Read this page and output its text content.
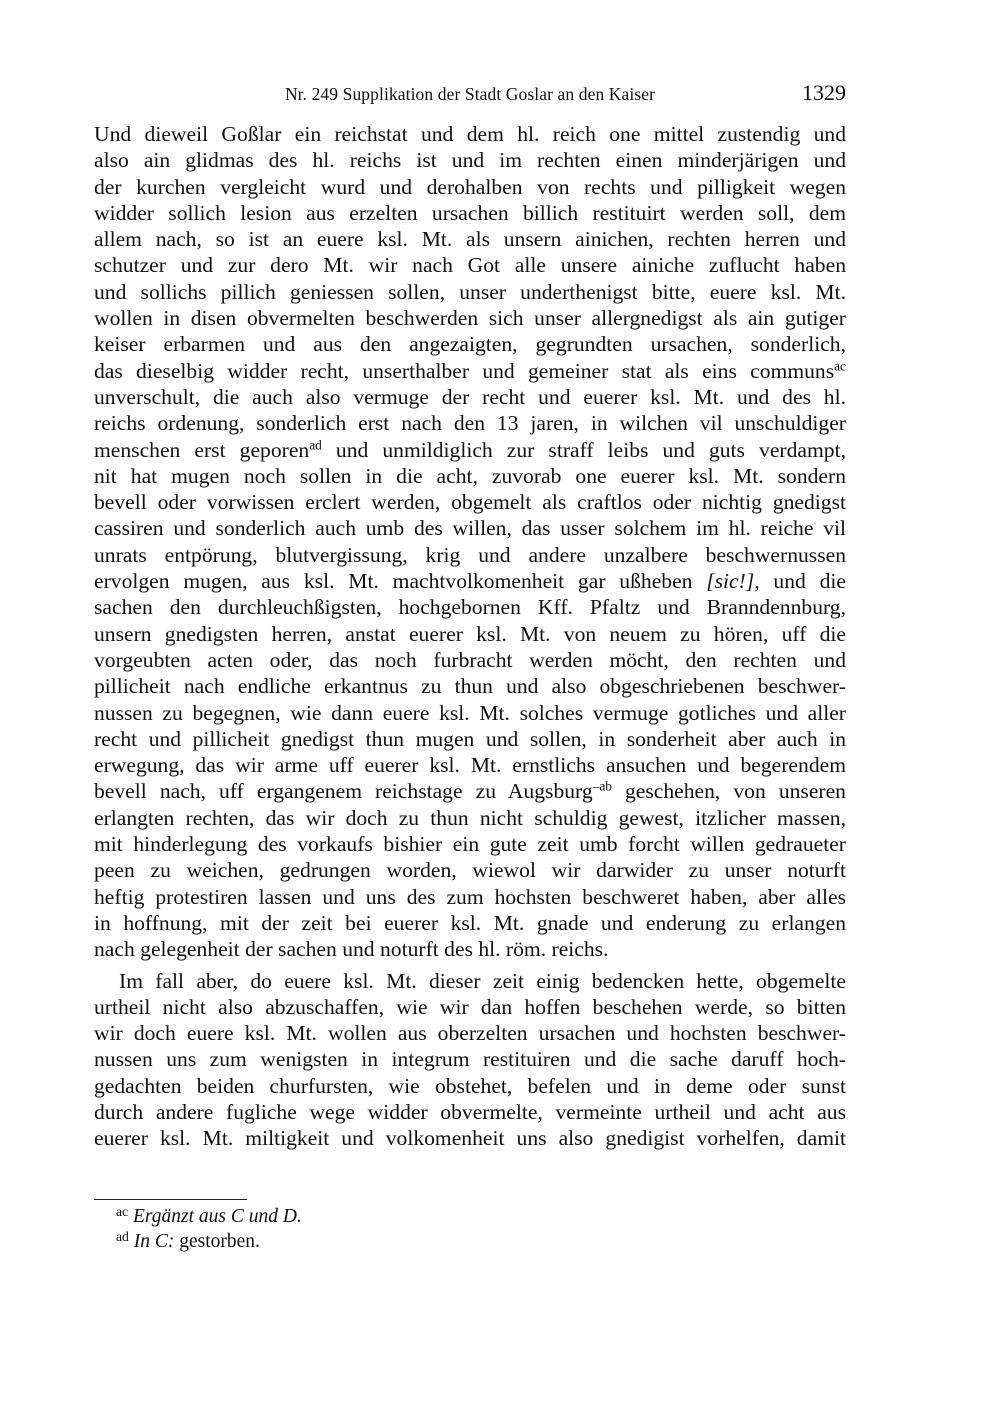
Nr. 249 Supplikation der Stadt Goslar an den Kaiser	1329
Und dieweil Goßlar ein reichstat und dem hl. reich one mittel zustendig und
also ain glidmas des hl. reichs ist und im rechten einen minderjärigen und
der kurchen vergleicht wurd und derohalben von rechts und pilligkeit wegen
widder sollich lesion aus erzelten ursachen billich restituirt werden soll, dem
allem nach, so ist an euere ksl. Mt. als unsern ainichen, rechten herren und
schutzer und zur dero Mt. wir nach Got alle unsere ainiche zuflucht haben
und sollichs pillich geniessen sollen, unser underthenigst bitte, euere ksl. Mt.
wollen in disen obvermelten beschwerden sich unser allergnedigst als ain gutiger
keiser erbarmen und aus den angezaigten, gegrundten ursachen, sonderlich,
das dieselbig widder recht, unserthalber und gemeiner stat als eins communs$^{ac}$
unverschult, die auch also vermuge der recht und euerer ksl. Mt. und des hl.
reichs ordenung, sonderlich erst nach den 13 jaren, in wilchen vil unschuldiger
menschen erst geporen$^{ad}$ und unmildiglich zur straff leibs und guts verdampt,
nit hat mugen noch sollen in die acht, zuvorab one euerer ksl. Mt. sondern
bevell oder vorwissen erclert werden, obgemelt als craftlos oder nichtig gnedigst
cassiren und sonderlich auch umb des willen, das usser solchem im hl. reiche vil
unrats entpörung, blutvergissung, krig und andere unzalbere beschwernussen
ervolgen mugen, aus ksl. Mt. machtvolkomenheit gar ußheben [sic!], und die
sachen den durchleuchßigsten, hochgebornen Kff. Pfaltz und Branndennburg,
unsern gnedigsten herren, anstat euerer ksl. Mt. von neuem zu hören, uff die
vorgeubten acten oder, das noch furbracht werden möcht, den rechten und
pillicheit nach endliche erkantnus zu thun und also obgeschriebenen beschwer-
nussen zu begegnen, wie dann euere ksl. Mt. solches vermuge gotliches und aller
recht und pillicheit gnedigst thun mugen und sollen, in sonderheit aber auch in
erwegung, das wir arme uff euerer ksl. Mt. ernstlichs ansuchen und begerendem
bevell nach, uff ergangenem reichstage zu Augsburg$^{-ab}$ geschehen, von unseren
erlangten rechten, das wir doch zu thun nicht schuldig gewest, itzlicher massen,
mit hinderlegung des vorkaufs bishier ein gute zeit umb forcht willen gedraueter
peen zu weichen, gedrungen worden, wiewol wir darwider zu unser noturft
heftig protestiren lassen und uns des zum hochsten beschweret haben, aber alles
in hoffnung, mit der zeit bei euerer ksl. Mt. gnade und enderung zu erlangen
nach gelegenheit der sachen und noturft des hl. röm. reichs.
Im fall aber, do euere ksl. Mt. dieser zeit einig bedencken hette, obgemelte
urtheil nicht also abzuschaffen, wie wir dan hoffen beschehen werde, so bitten
wir doch euere ksl. Mt. wollen aus oberzelten ursachen und hochsten beschwer-
nussen uns zum wenigsten in integrum restituiren und die sache daruff hoch-
gedachten beiden churfursten, wie obstehet, befelen und in deme oder sunst
durch andere fugliche wege widder obvermelte, vermeinte urtheil und acht aus
euerer ksl. Mt. miltigkeit und volkomenheit uns also gnedigist vorhelfen, damit
$^{ac}$ Ergänzt aus C und D.
$^{ad}$ In C: gestorben.
